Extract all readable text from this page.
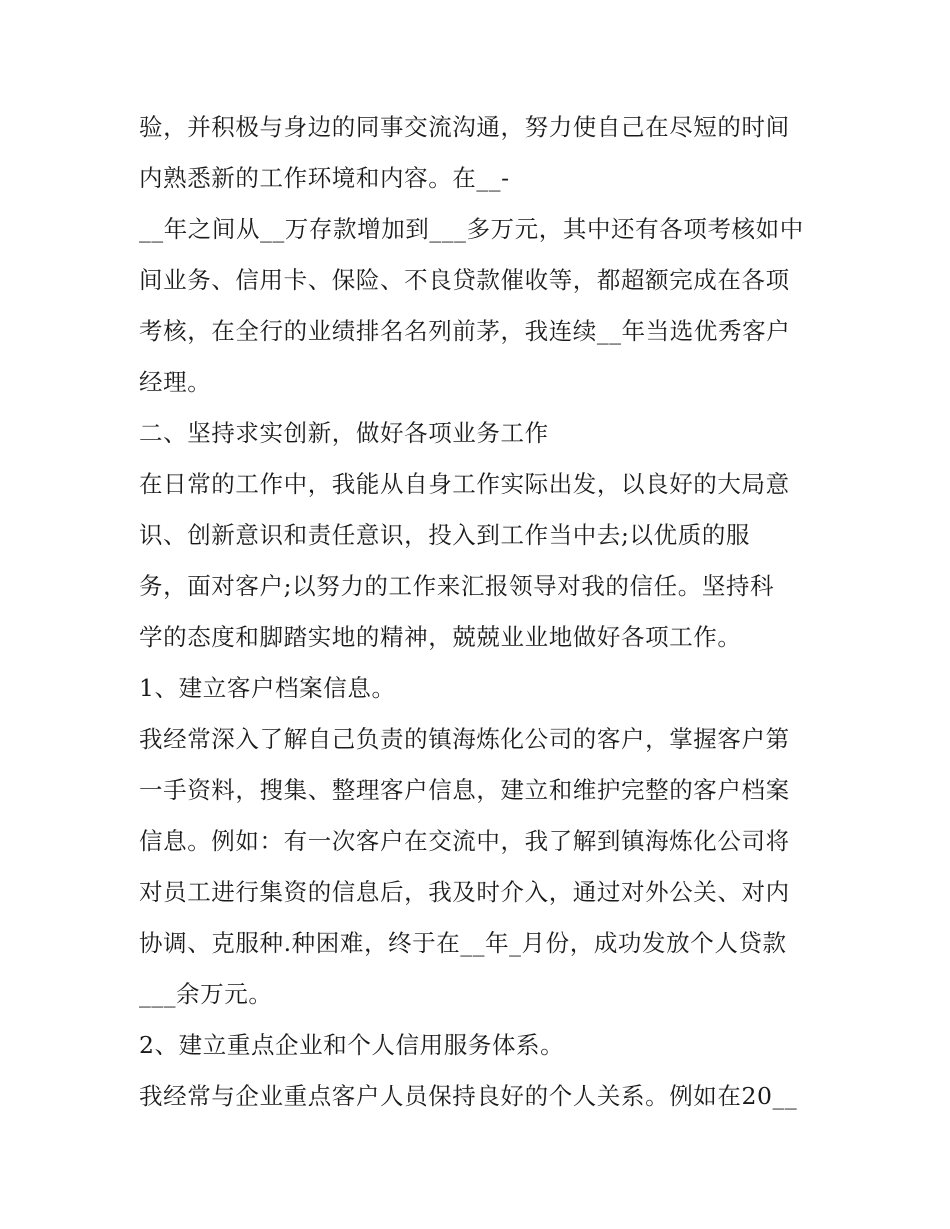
验，并积极与身边的同事交流沟通，努力使自己在尽短的时间
内熟悉新的工作环境和内容。在__-
__年之间从__万存款增加到___多万元，其中还有各项考核如中
间业务、信用卡、保险、不良贷款催收等，都超额完成在各项
考核，在全行的业绩排名名列前茅，我连续__年当选优秀客户
经理。
二、坚持求实创新，做好各项业务工作
在日常的工作中，我能从自身工作实际出发，以良好的大局意
识、创新意识和责任意识，投入到工作当中去;以优质的服
务，面对客户;以努力的工作来汇报领导对我的信任。坚持科
学的态度和脚踏实地的精神，兢兢业业地做好各项工作。
1、建立客户档案信息。
我经常深入了解自己负责的镇海炼化公司的客户，掌握客户第
一手资料，搜集、整理客户信息，建立和维护完整的客户档案
信息。例如：有一次客户在交流中，我了解到镇海炼化公司将
对员工进行集资的信息后，我及时介入，通过对外公关、对内
协调、克服种.种困难，终于在__年_月份，成功发放个人贷款
___余万元。
2、建立重点企业和个人信用服务体系。
我经常与企业重点客户人员保持良好的个人关系。例如在20__
